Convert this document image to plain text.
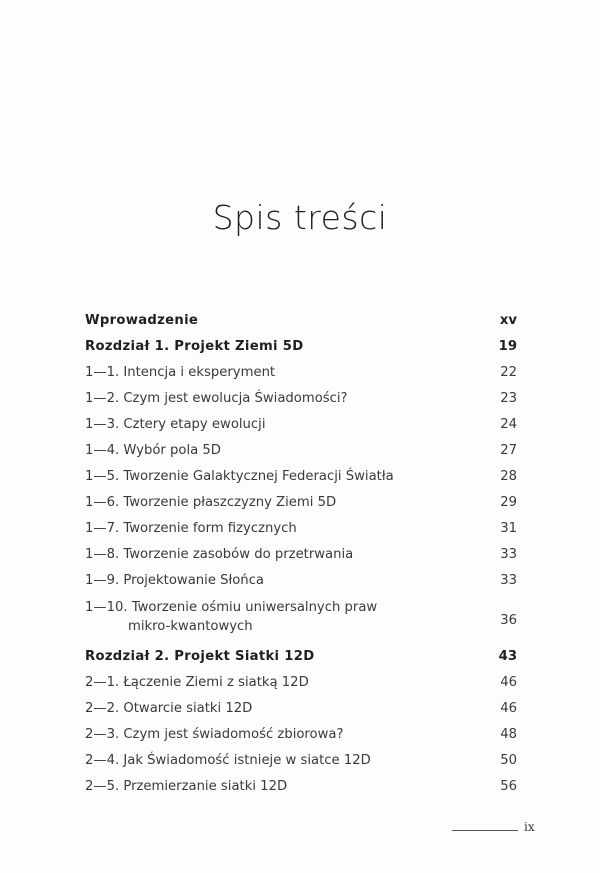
Spis treści
Wprowadzenie	xv
Rozdział 1. Projekt Ziemi 5D	19
1—1. Intencja i eksperyment	22
1—2. Czym jest ewolucja Świadomości?	23
1—3. Cztery etapy ewolucji	24
1—4. Wybór pola 5D	27
1—5. Tworzenie Galaktycznej Federacji Światła	28
1—6. Tworzenie płaszczyzny Ziemi 5D	29
1—7. Tworzenie form fizycznych	31
1—8. Tworzenie zasobów do przetrwania	33
1—9. Projektowanie Słońca	33
1—10. Tworzenie ośmiu uniwersalnych praw
mikro-kwantowych	36
Rozdział 2. Projekt Siatki 12D	43
2—1. Łączenie Ziemi z siatką 12D	46
2—2. Otwarcie siatki 12D	46
2—3. Czym jest świadomość zbiorowa?	48
2—4. Jak Świadomość istnieje w siatce 12D	50
2—5. Przemierzanie siatki 12D	56
ix
